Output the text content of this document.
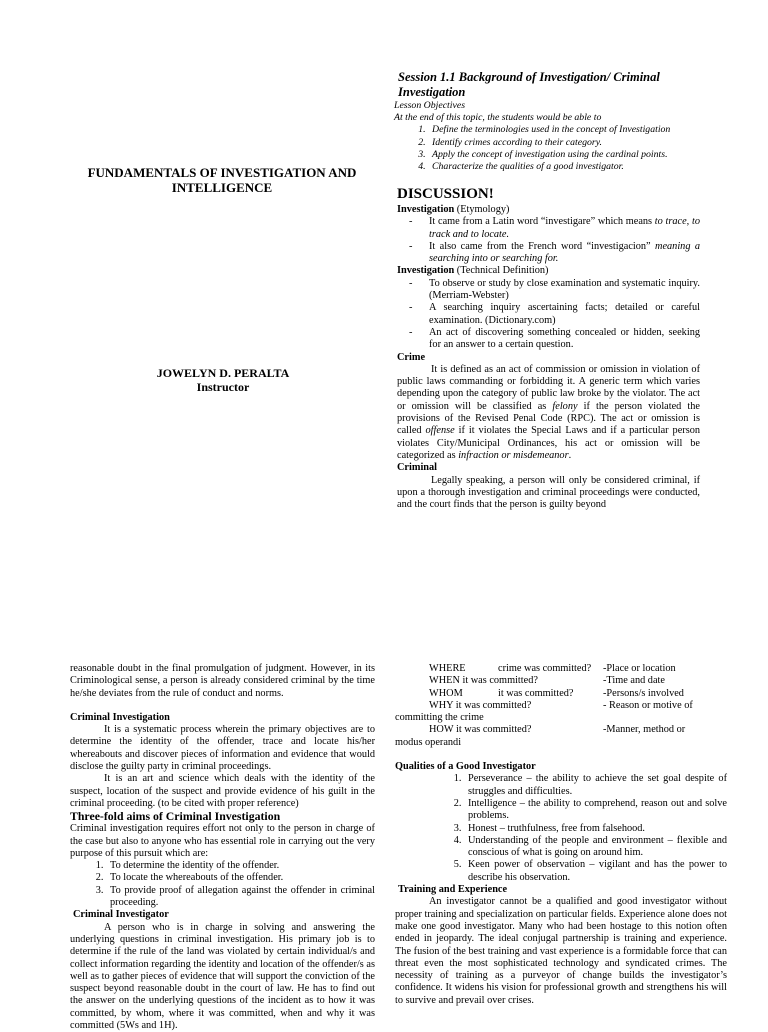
FUNDAMENTALS OF INVESTIGATION AND
INTELLIGENCE
JOWELYN D. PERALTA
Instructor
Session 1.1 Background of Investigation/ Criminal
Investigation
Lesson Objectives
At the end of this topic, the students would be able to
1. Define the terminologies used in the concept of Investigation
2. Identify crimes according to their category.
3. Apply the concept of investigation using the cardinal points.
4. Characterize the qualities of a good investigator.
DISCUSSION!
Investigation (Etymology)
- It came from a Latin word “investigare” which means to trace, to track and to locate.
- It also came from the French word “investigacion” meaning a searching into or searching for.
Investigation (Technical Definition)
- To observe or study by close examination and systematic inquiry. (Merriam-Webster)
- A searching inquiry ascertaining facts; detailed or careful examination. (Dictionary.com)
- An act of discovering something concealed or hidden, seeking for an answer to a certain question.
Crime
It is defined as an act of commission or omission in violation of public laws commanding or forbidding it. A generic term which varies depending upon the category of public law broke by the violator. The act or omission will be classified as felony if the person violated the provisions of the Revised Penal Code (RPC). The act or omission is called offense if it violates the Special Laws and if a particular person violates City/Municipal Ordinances, his act or omission will be categorized as infraction or misdemeanor.
Criminal
Legally speaking, a person will only be considered criminal, if upon a thorough investigation and criminal proceedings were conducted, and the court finds that the person is guilty beyond
reasonable doubt in the final promulgation of judgment. However, in its Criminological sense, a person is already considered criminal by the time he/she deviates from the rule of conduct and norms.
Criminal Investigation
It is a systematic process wherein the primary objectives are to determine the identity of the offender, trace and locate his/her whereabouts and discover pieces of information and evidence that would disclose the guilty party in criminal proceedings.
It is an art and science which deals with the identity of the suspect, location of the suspect and provide evidence of his guilt in the criminal proceeding. (to be cited with proper reference)
Three-fold aims of Criminal Investigation
Criminal investigation requires effort not only to the person in charge of the case but also to anyone who has essential role in carrying out the very purpose of this pursuit which are:
1. To determine the identity of the offender.
2. To locate the whereabouts of the offender.
3. To provide proof of allegation against the offender in criminal proceeding.
Criminal Investigator
A person who is in charge in solving and answering the underlying questions in criminal investigation. His primary job is to determine if the rule of the land was violated by certain individual/s and collect information regarding the identity and location of the offender/s as well as to gather pieces of evidence that will support the conviction of the suspect beyond reasonable doubt in the court of law. He has to find out the answer on the underlying questions of the incident as to how it was committed, by whom, where it was committed, when and why it was committed (5Ws and 1H).
WHERE	crime was committed? -Place or location
WHEN it was committed?	-Time and date
WHOM	it was committed?	-Persons/s involved
WHY it was committed?	- Reason or motive of
committing the crime
HOW it was committed?	-Manner, method or
modus operandi
Qualities of a Good Investigator
1. Perseverance – the ability to achieve the set goal despite of struggles and difficulties.
2. Intelligence – the ability to comprehend, reason out and solve problems.
3. Honest – truthfulness, free from falsehood.
4. Understanding of the people and environment – flexible and conscious of what is going on around him.
5. Keen power of observation – vigilant and has the power to describe his observation.
Training and Experience
An investigator cannot be a qualified and good investigator without proper training and specialization on particular fields. Experience alone does not make one good investigator. Many who had been hostage to this notion often ended in jeopardy. The ideal conjugal partnership is training and experience. The fusion of the best training and vast experience is a formidable force that can threat even the most sophisticated technology and syndicated crimes. The necessity of training as a purveyor of change builds the investigator’s confidence. It widens his vision for professional growth and strengthens his will to survive and prevail over crises.
